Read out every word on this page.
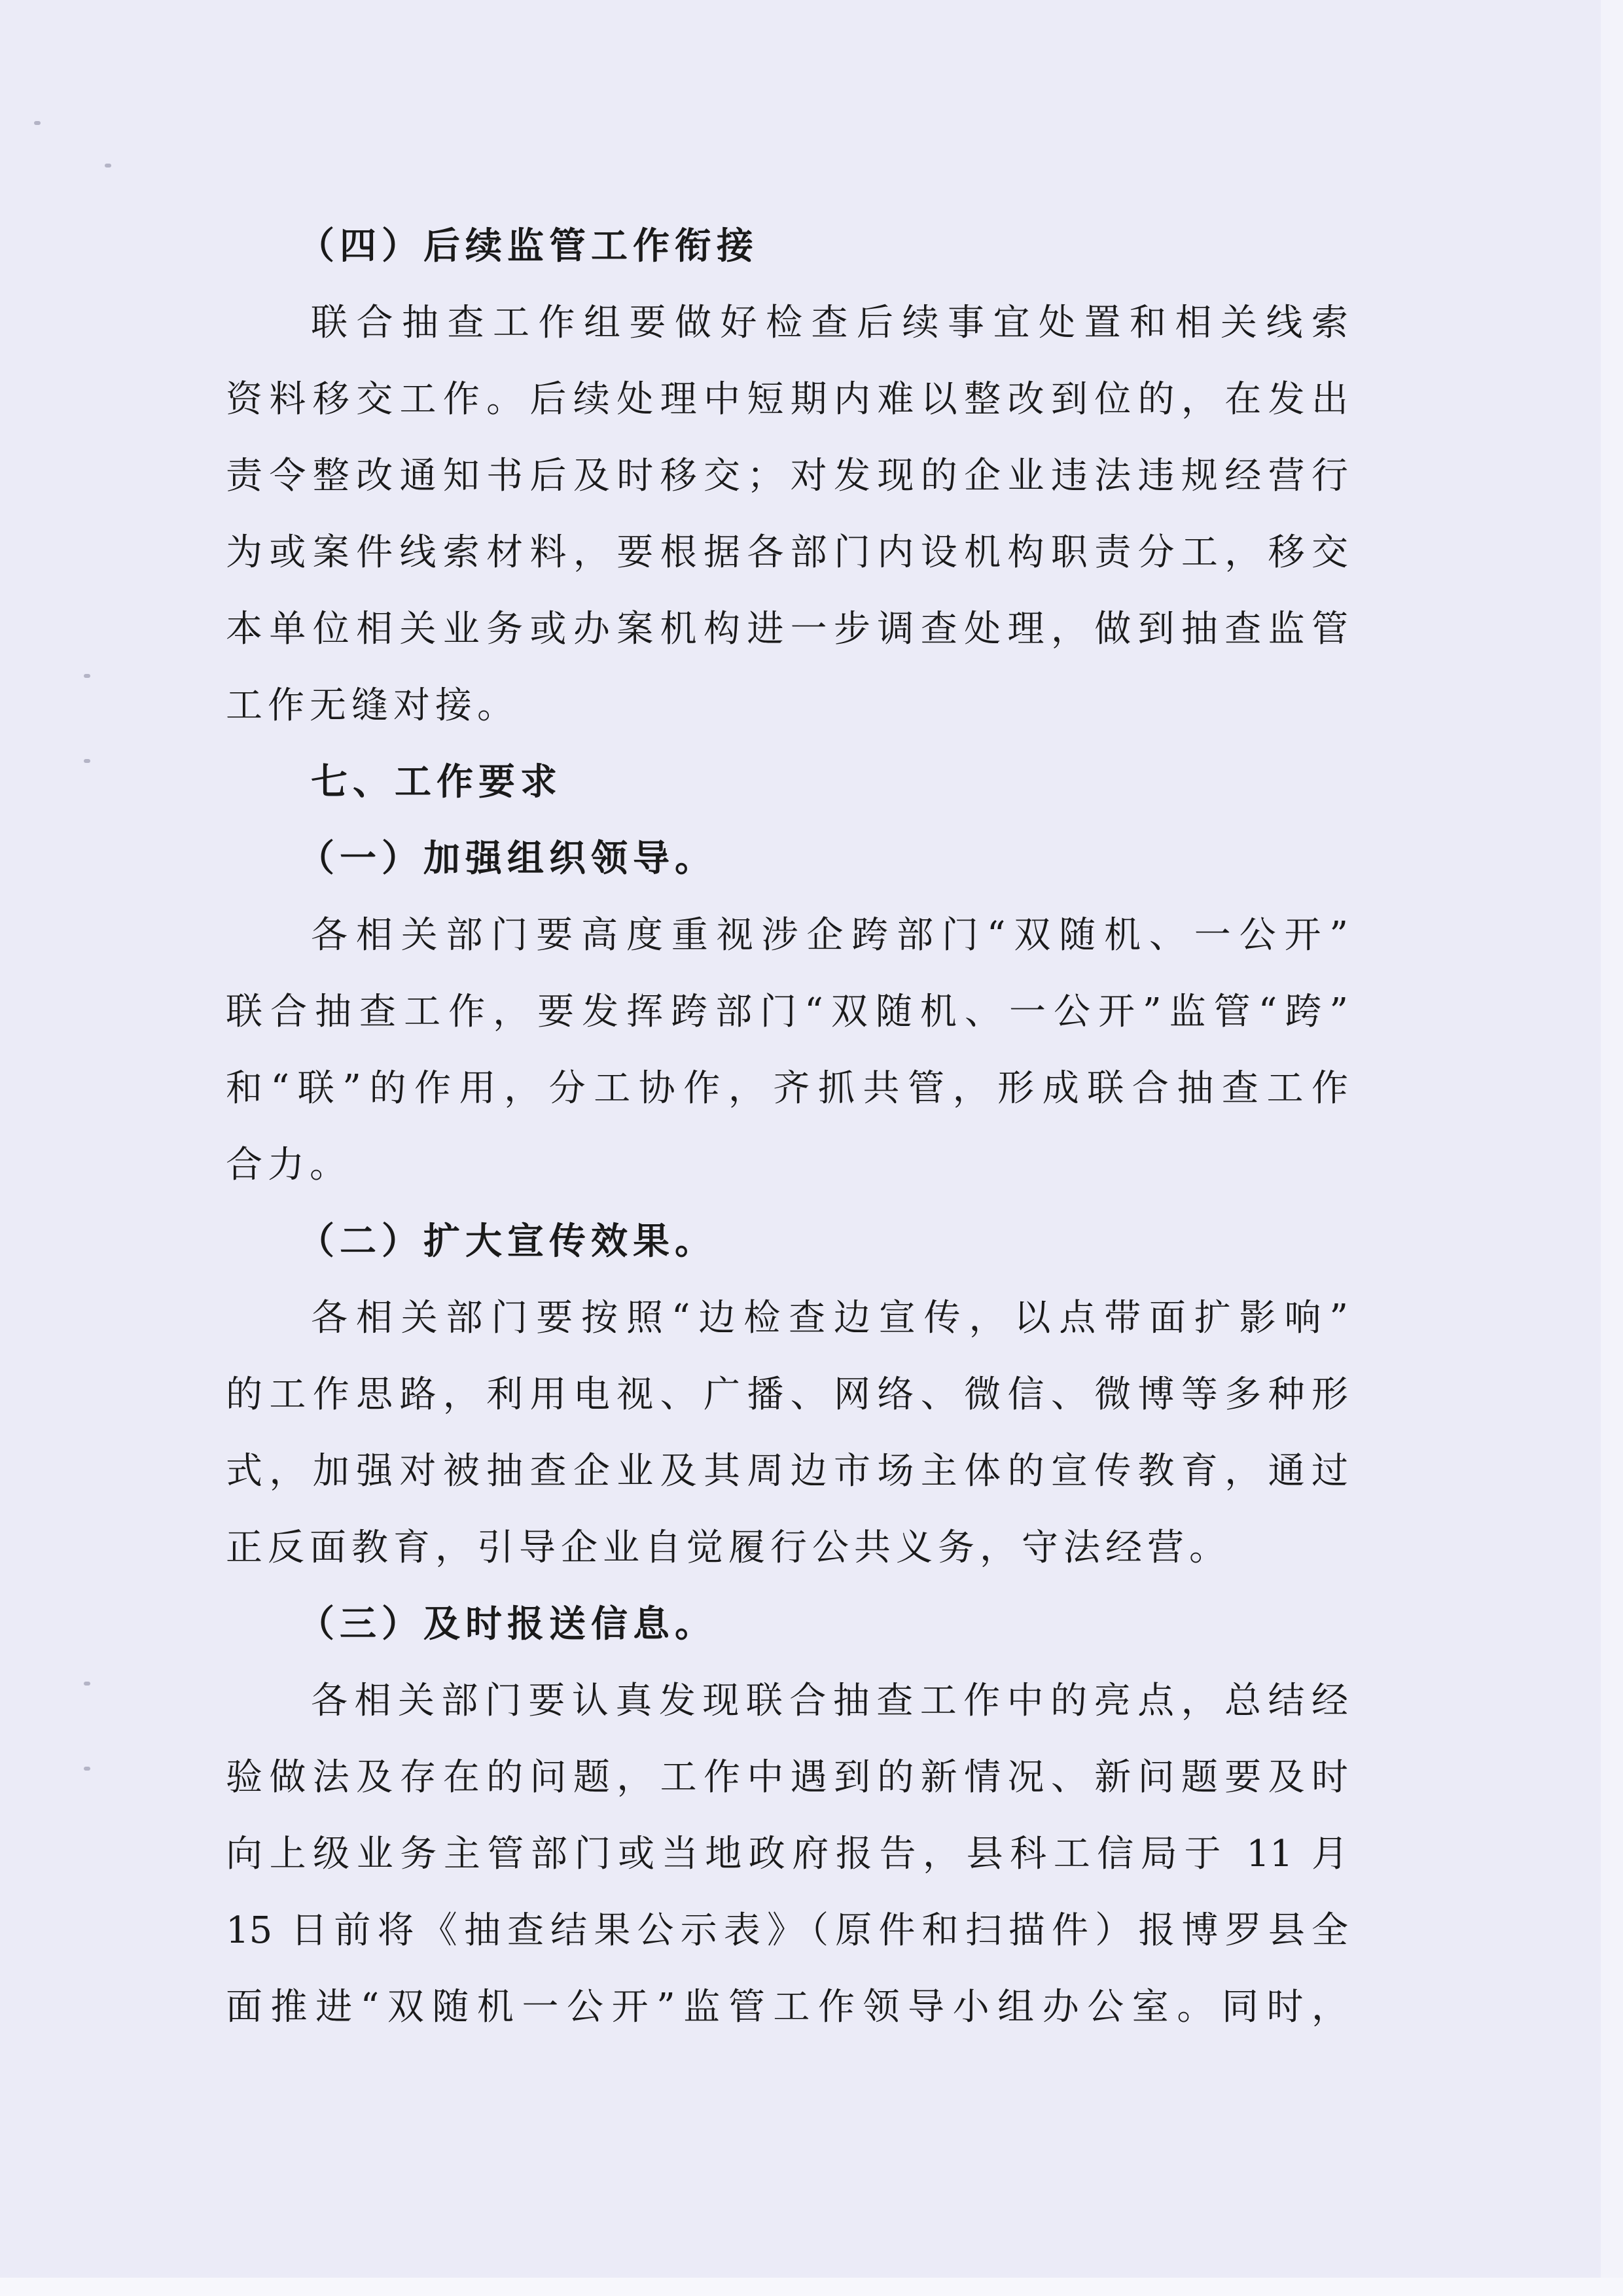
（四）后续监管工作衔接
联合抽查工作组要做好检查后续事宜处置和相关线索
资料移交工作。后续处理中短期内难以整改到位的，在发出
责令整改通知书后及时移交；对发现的企业违法违规经营行
为或案件线索材料，要根据各部门内设机构职责分工，移交
本单位相关业务或办案机构进一步调查处理，做到抽查监管
工作无缝对接。
七、工作要求
（一）加强组织领导。
各相关部门要高度重视涉企跨部门“双随机、一公开”
联合抽查工作，要发挥跨部门“双随机、一公开”监管“跨”
和“联”的作用，分工协作，齐抓共管，形成联合抽查工作
合力。
（二）扩大宣传效果。
各相关部门要按照“边检查边宣传，以点带面扩影响”
的工作思路，利用电视、广播、网络、微信、微博等多种形
式，加强对被抽查企业及其周边市场主体的宣传教育，通过
正反面教育，引导企业自觉履行公共义务，守法经营。
（三）及时报送信息。
各相关部门要认真发现联合抽查工作中的亮点，总结经
验做法及存在的问题，工作中遇到的新情况、新问题要及时
向上级业务主管部门或当地政府报告，县科工信局于 11 月
15 日前将《抽查结果公示表》（原件和扫描件）报博罗县全
面推进“双随机一公开”监管工作领导小组办公室。同时，
